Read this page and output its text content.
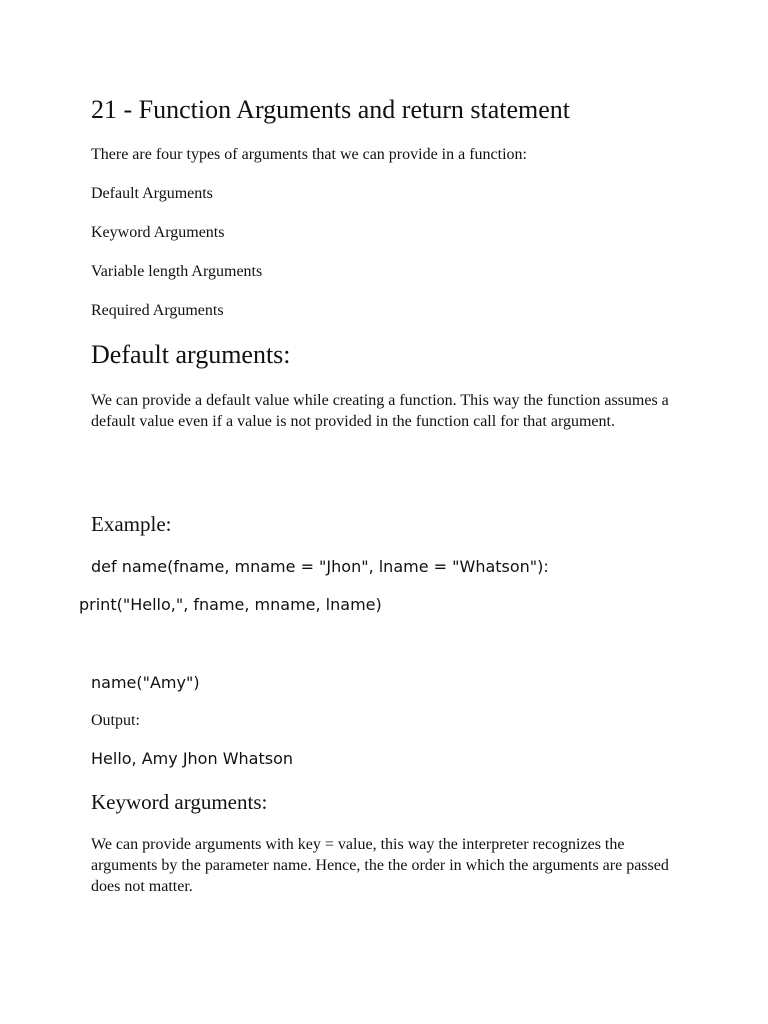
21 - Function Arguments and return statement

There are four types of arguments that we can provide in a function:

Default Arguments

Keyword Arguments

Variable length Arguments

Required Arguments

Default arguments:

We can provide a default value while creating a function. This way the function assumes a default value even if a value is not provided in the function call for that argument.

Example:
def name(fname, mname = "Jhon", lname = "Whatson"):
print("Hello,", fname, mname, lname)
name("Amy")

Output:

Hello, Amy Jhon Whatson
Keyword arguments:

We can provide arguments with key = value, this way the interpreter recognizes the arguments by the parameter name. Hence, the the order in which the arguments are passed does not matter.
